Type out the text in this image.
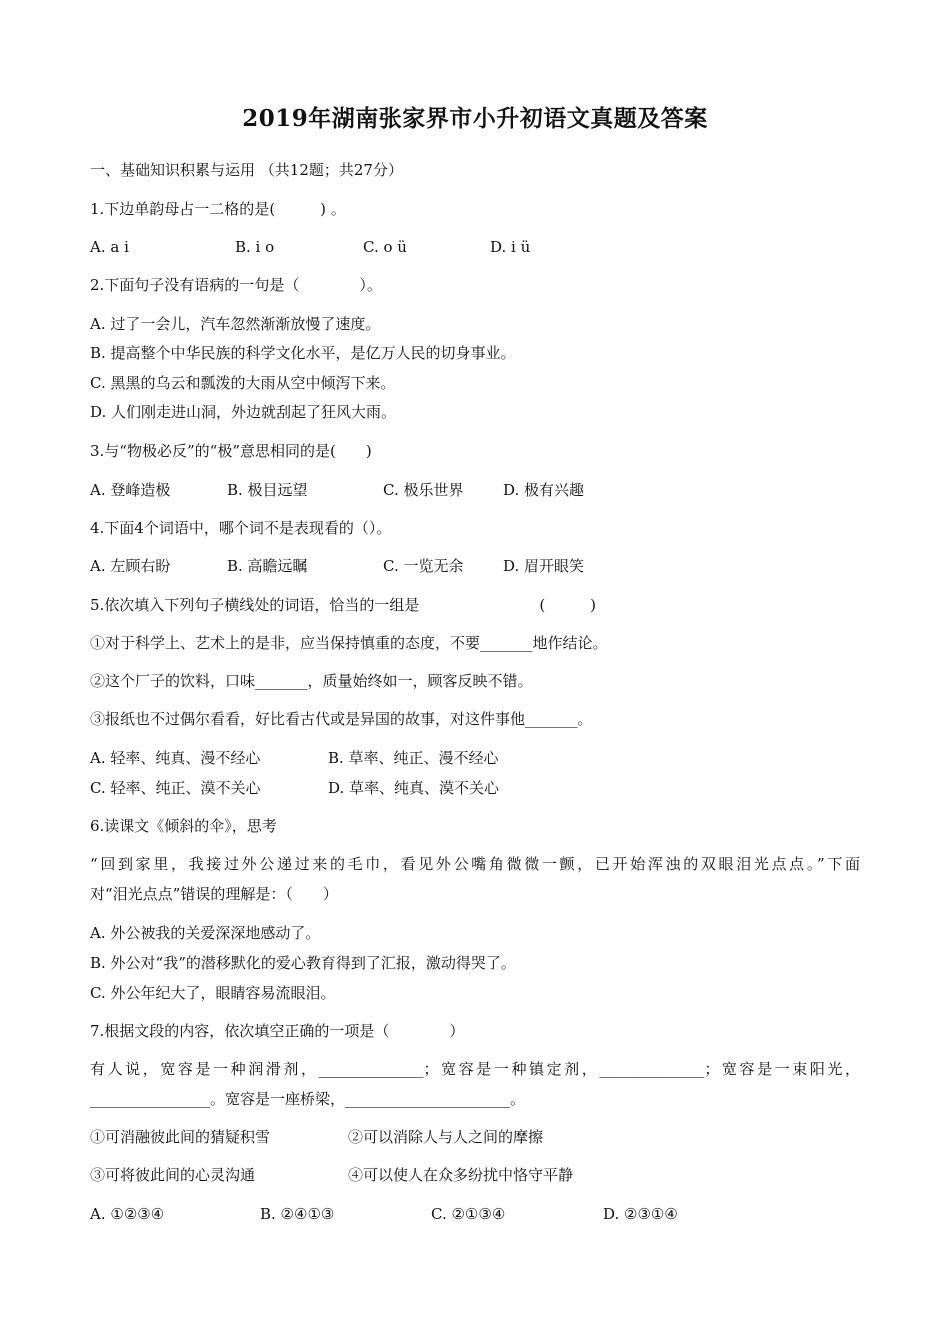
2019年湖南张家界市小升初语文真题及答案
一、基础知识积累与运用 （共12题；共27分）
1.下边单韵母占一二格的是(　　　) 。
A. a i	B. i o	C. o ü	D. i ü
2.下面句子没有语病的一句是（　　　　）。
A. 过了一会儿，汽车忽然渐渐放慢了速度。
B. 提高整个中华民族的科学文化水平，是亿万人民的切身事业。
C. 黑黑的乌云和瓢泼的大雨从空中倾泻下来。
D. 人们刚走进山洞，外边就刮起了狂风大雨。
3.与“物极必反”的“极”意思相同的是(　　)
A. 登峰造极	B. 极目远望	C. 极乐世界	D. 极有兴趣
4.下面4个词语中，哪个词不是表现看的（）。
A. 左顾右盼	B. 高瞻远瞩	C. 一览无余	D. 眉开眼笑
5.依次填入下列句子横线处的词语，恰当的一组是　　　　　　　　(　　　)
①对于科学上、艺术上的是非，应当保持慎重的态度，不要_______地作结论。
②这个厂子的饮料，口味_______，质量始终如一，顾客反映不错。
③报纸也不过偶尔看看，好比看古代或是异国的故事，对这件事他_______。
A. 轻率、纯真、漫不经心	B. 草率、纯正、漫不经心
C. 轻率、纯正、漠不关心	D. 草率、纯真、漠不关心
6.读课文《倾斜的伞》，思考
“回到家里，我接过外公递过来的毛巾，看见外公嘴角微微一颤，已开始浑浊的双眼泪光点点。”下面
对“泪光点点”错误的理解是：（　　）
A. 外公被我的关爱深深地感动了。
B. 外公对“我”的潜移默化的爱心教育得到了汇报，激动得哭了。
C. 外公年纪大了，眼睛容易流眼泪。
7.根据文段的内容，依次填空正确的一项是（　　　　）
有人说，宽容是一种润滑剂，______________；宽容是一种镇定剂，______________；宽容是一束阳光，
________________。宽容是一座桥梁，______________________。
①可消融彼此间的猜疑积雪	②可以消除人与人之间的摩擦
③可将彼此间的心灵沟通	④可以使人在众多纷扰中恪守平静
A. ①②③④	B. ②④①③	C. ②①③④	D. ②③①④
